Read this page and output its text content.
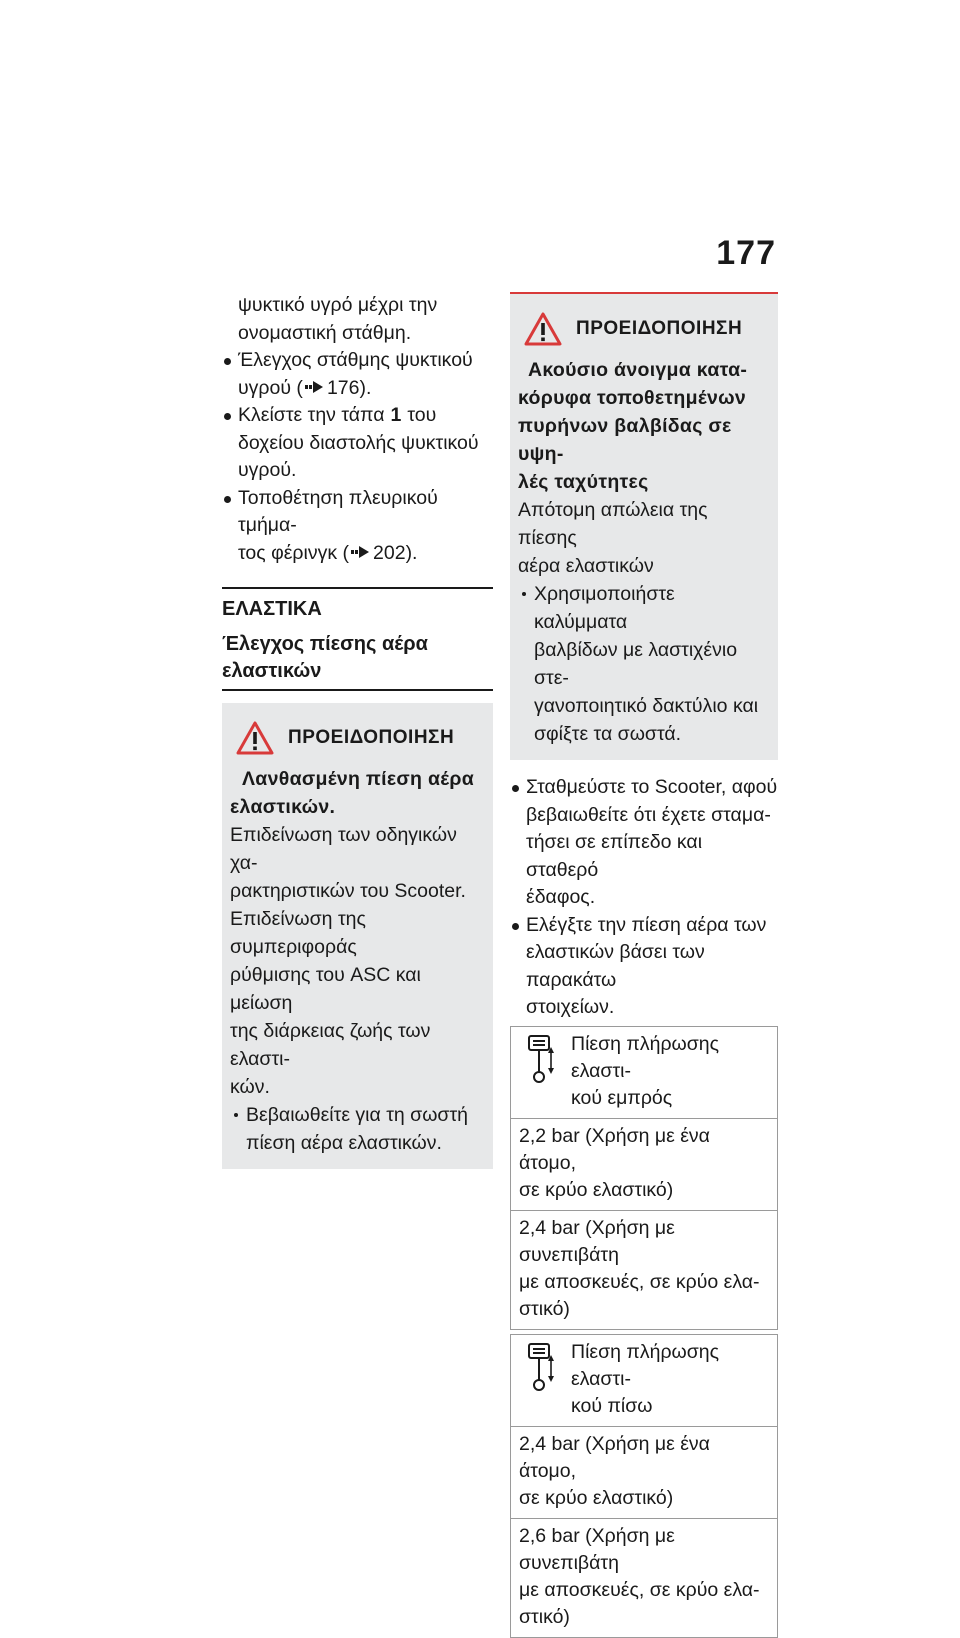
177
ψυκτικό υγρό μέχρι την
ονομαστική στάθμη.
Έλεγχος στάθμης ψυκτικού
υγρού ( 176).
Κλείστε την τάπα 1 του
δοχείου διαστολής ψυκτικού
υγρού.
Τοποθέτηση πλευρικού τμήμα-
τος φέρινγκ ( 202).
ΕΛΑΣΤΙΚΑ
Έλεγχος πίεσης αέρα
ελαστικών
ΠΡΟΕΙΔΟΠΟΙΗΣΗ
Λανθασμένη πίεση αέρα
ελαστικών.
Επιδείνωση των οδηγικών χα-
ρακτηριστικών του Scooter.
Επιδείνωση της συμπεριφοράς
ρύθμισης του ASC και μείωση
της διάρκειας ζωής των ελαστι-
κών.
Βεβαιωθείτε για τη σωστή
πίεση αέρα ελαστικών.
ΠΡΟΕΙΔΟΠΟΙΗΣΗ
Ακούσιο άνοιγμα κατα-
κόρυφα τοποθετημένων
πυρήνων βαλβίδας σε υψη-
λές ταχύτητες
Απότομη απώλεια της πίεσης
αέρα ελαστικών
Χρησιμοποιήστε καλύμματα
βαλβίδων με λαστιχένιο στε-
γανοποιητικό δακτύλιο και
σφίξτε τα σωστά.
Σταθμεύστε το Scooter, αφού
βεβαιωθείτε ότι έχετε σταμα-
τήσει σε επίπεδο και σταθερό
έδαφος.
Ελέγξτε την πίεση αέρα των
ελαστικών βάσει των παρακάτω
στοιχείων.
Πίεση πλήρωσης ελαστι-
κού εμπρός
2,2 bar (Χρήση με ένα άτομο,
σε κρύο ελαστικό)
2,4 bar (Χρήση με συνεπιβάτη
με αποσκευές, σε κρύο ελα-
στικό)
Πίεση πλήρωσης ελαστι-
κού πίσω
2,4 bar (Χρήση με ένα άτομο,
σε κρύο ελαστικό)
2,6 bar (Χρήση με συνεπιβάτη
με αποσκευές, σε κρύο ελα-
στικό)
